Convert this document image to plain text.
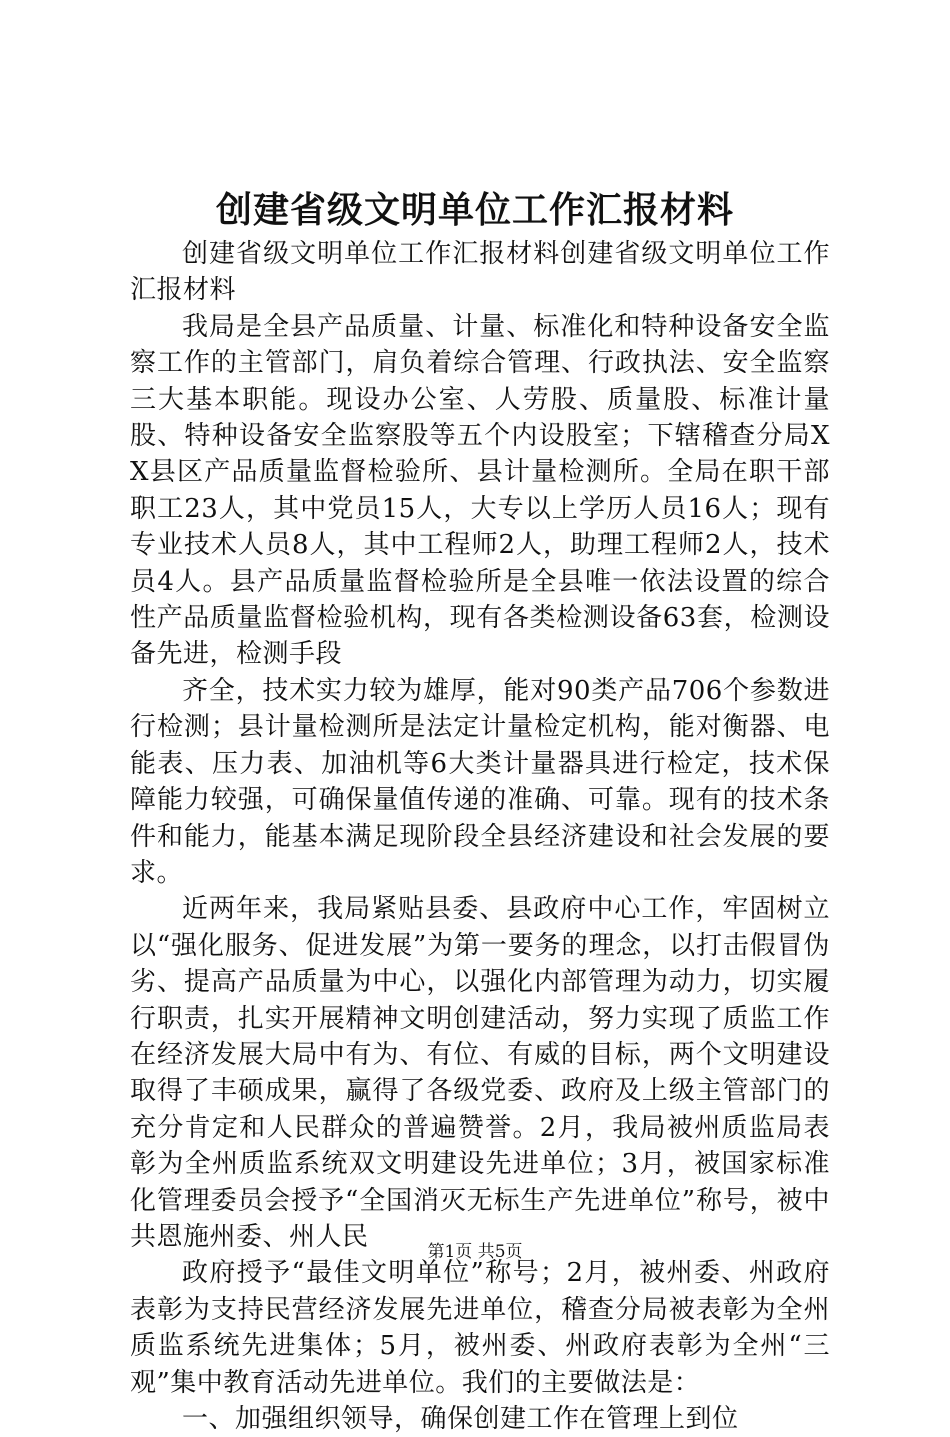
创建省级文明单位工作汇报材料

创建省级文明单位工作汇报材料创建省级文明单位工作汇报材料

我局是全县产品质量、计量、标准化和特种设备安全监察工作的主管部门，肩负着综合管理、行政执法、安全监察三大基本职能。现设办公室、人劳股、质量股、标准计量股、特种设备安全监察股等五个内设股室；下辖稽查分局XX县区产品质量监督检验所、县计量检测所。全局在职干部职工23人，其中党员15人，大专以上学历人员16人；现有专业技术人员8人，其中工程师2人，助理工程师2人，技术员4人。县产品质量监督检验所是全县唯一依法设置的综合性产品质量监督检验机构，现有各类检测设备63套，检测设备先进，检测手段

齐全，技术实力较为雄厚，能对90类产品706个参数进行检测；县计量检测所是法定计量检定机构，能对衡器、电能表、压力表、加油机等6大类计量器具进行检定，技术保障能力较强，可确保量值传递的准确、可靠。现有的技术条件和能力，能基本满足现阶段全县经济建设和社会发展的要求。

近两年来，我局紧贴县委、县政府中心工作，牢固树立以“强化服务、促进发展”为第一要务的理念，以打击假冒伪劣、提高产品质量为中心，以强化内部管理为动力，切实履行职责，扎实开展精神文明创建活动，努力实现了质监工作在经济发展大局中有为、有位、有威的目标，两个文明建设取得了丰硕成果，赢得了各级党委、政府及上级主管部门的充分肯定和人民群众的普遍赞誉。2月，我局被州质监局表彰为全州质监系统双文明建设先进单位；3月，被国家标准化管理委员会授予“全国消灭无标生产先进单位”称号，被中共恩施州委、州人民

政府授予“最佳文明单位”称号；2月，被州委、州政府表彰为支持民营经济发展先进单位，稽查分局被表彰为全州质监系统先进集体；5月，被州委、州政府表彰为全州“三观”集中教育活动先进单位。我们的主要做法是：

一、加强组织领导，确保创建工作在管理上到位

第1页 共5页
